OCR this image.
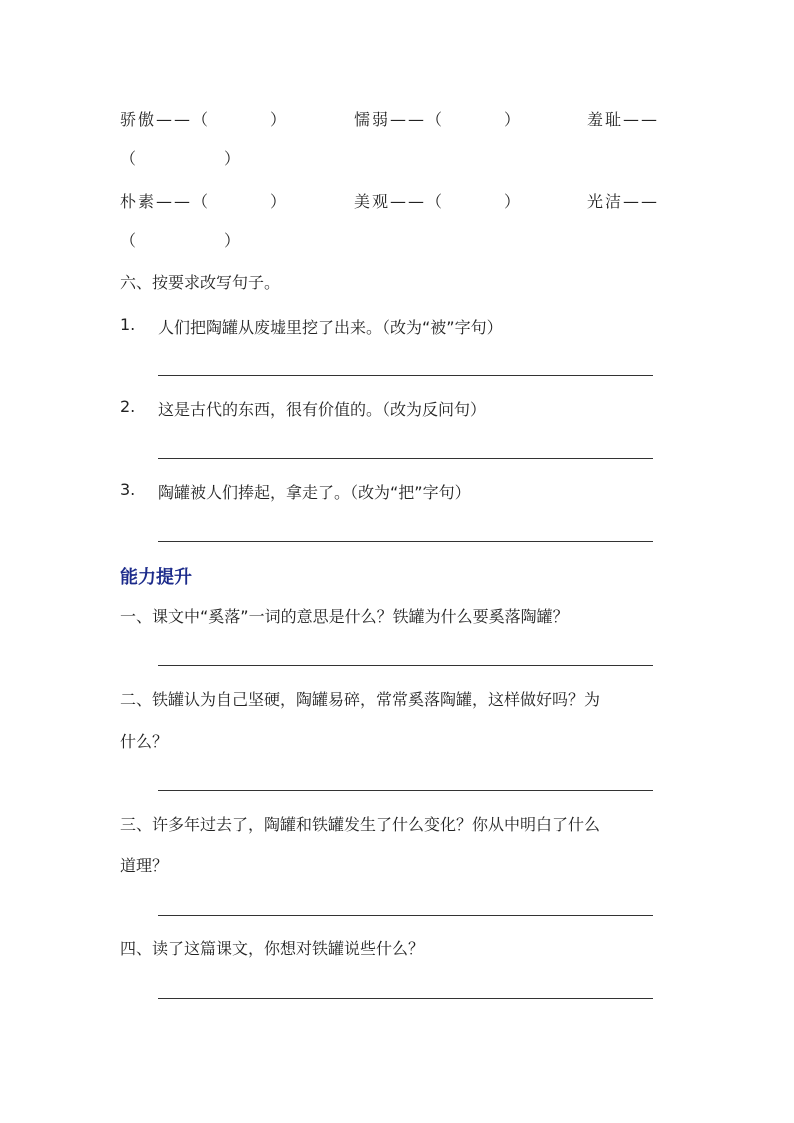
骄傲——（	）	懦弱——（	）	羞耻——
（　　　）
朴素——（	）	美观——（	）	光洁——
（　　　）
六、按要求改写句子。
1. 人们把陶罐从废墟里挖了出来。（改为“被”字句）
2. 这是古代的东西，很有价值的。（改为反问句）
3. 陶罐被人们捧起，拿走了。（改为“把”字句）
能力提升
一、课文中“奚落”一词的意思是什么？铁罐为什么要奚落陶罐？
二、铁罐认为自己坚硬，陶罐易碎，常常奚落陶罐，这样做好吗？为
什么？
三、许多年过去了，陶罐和铁罐发生了什么变化？你从中明白了什么
道理？
四、读了这篇课文，你想对铁罐说些什么？
